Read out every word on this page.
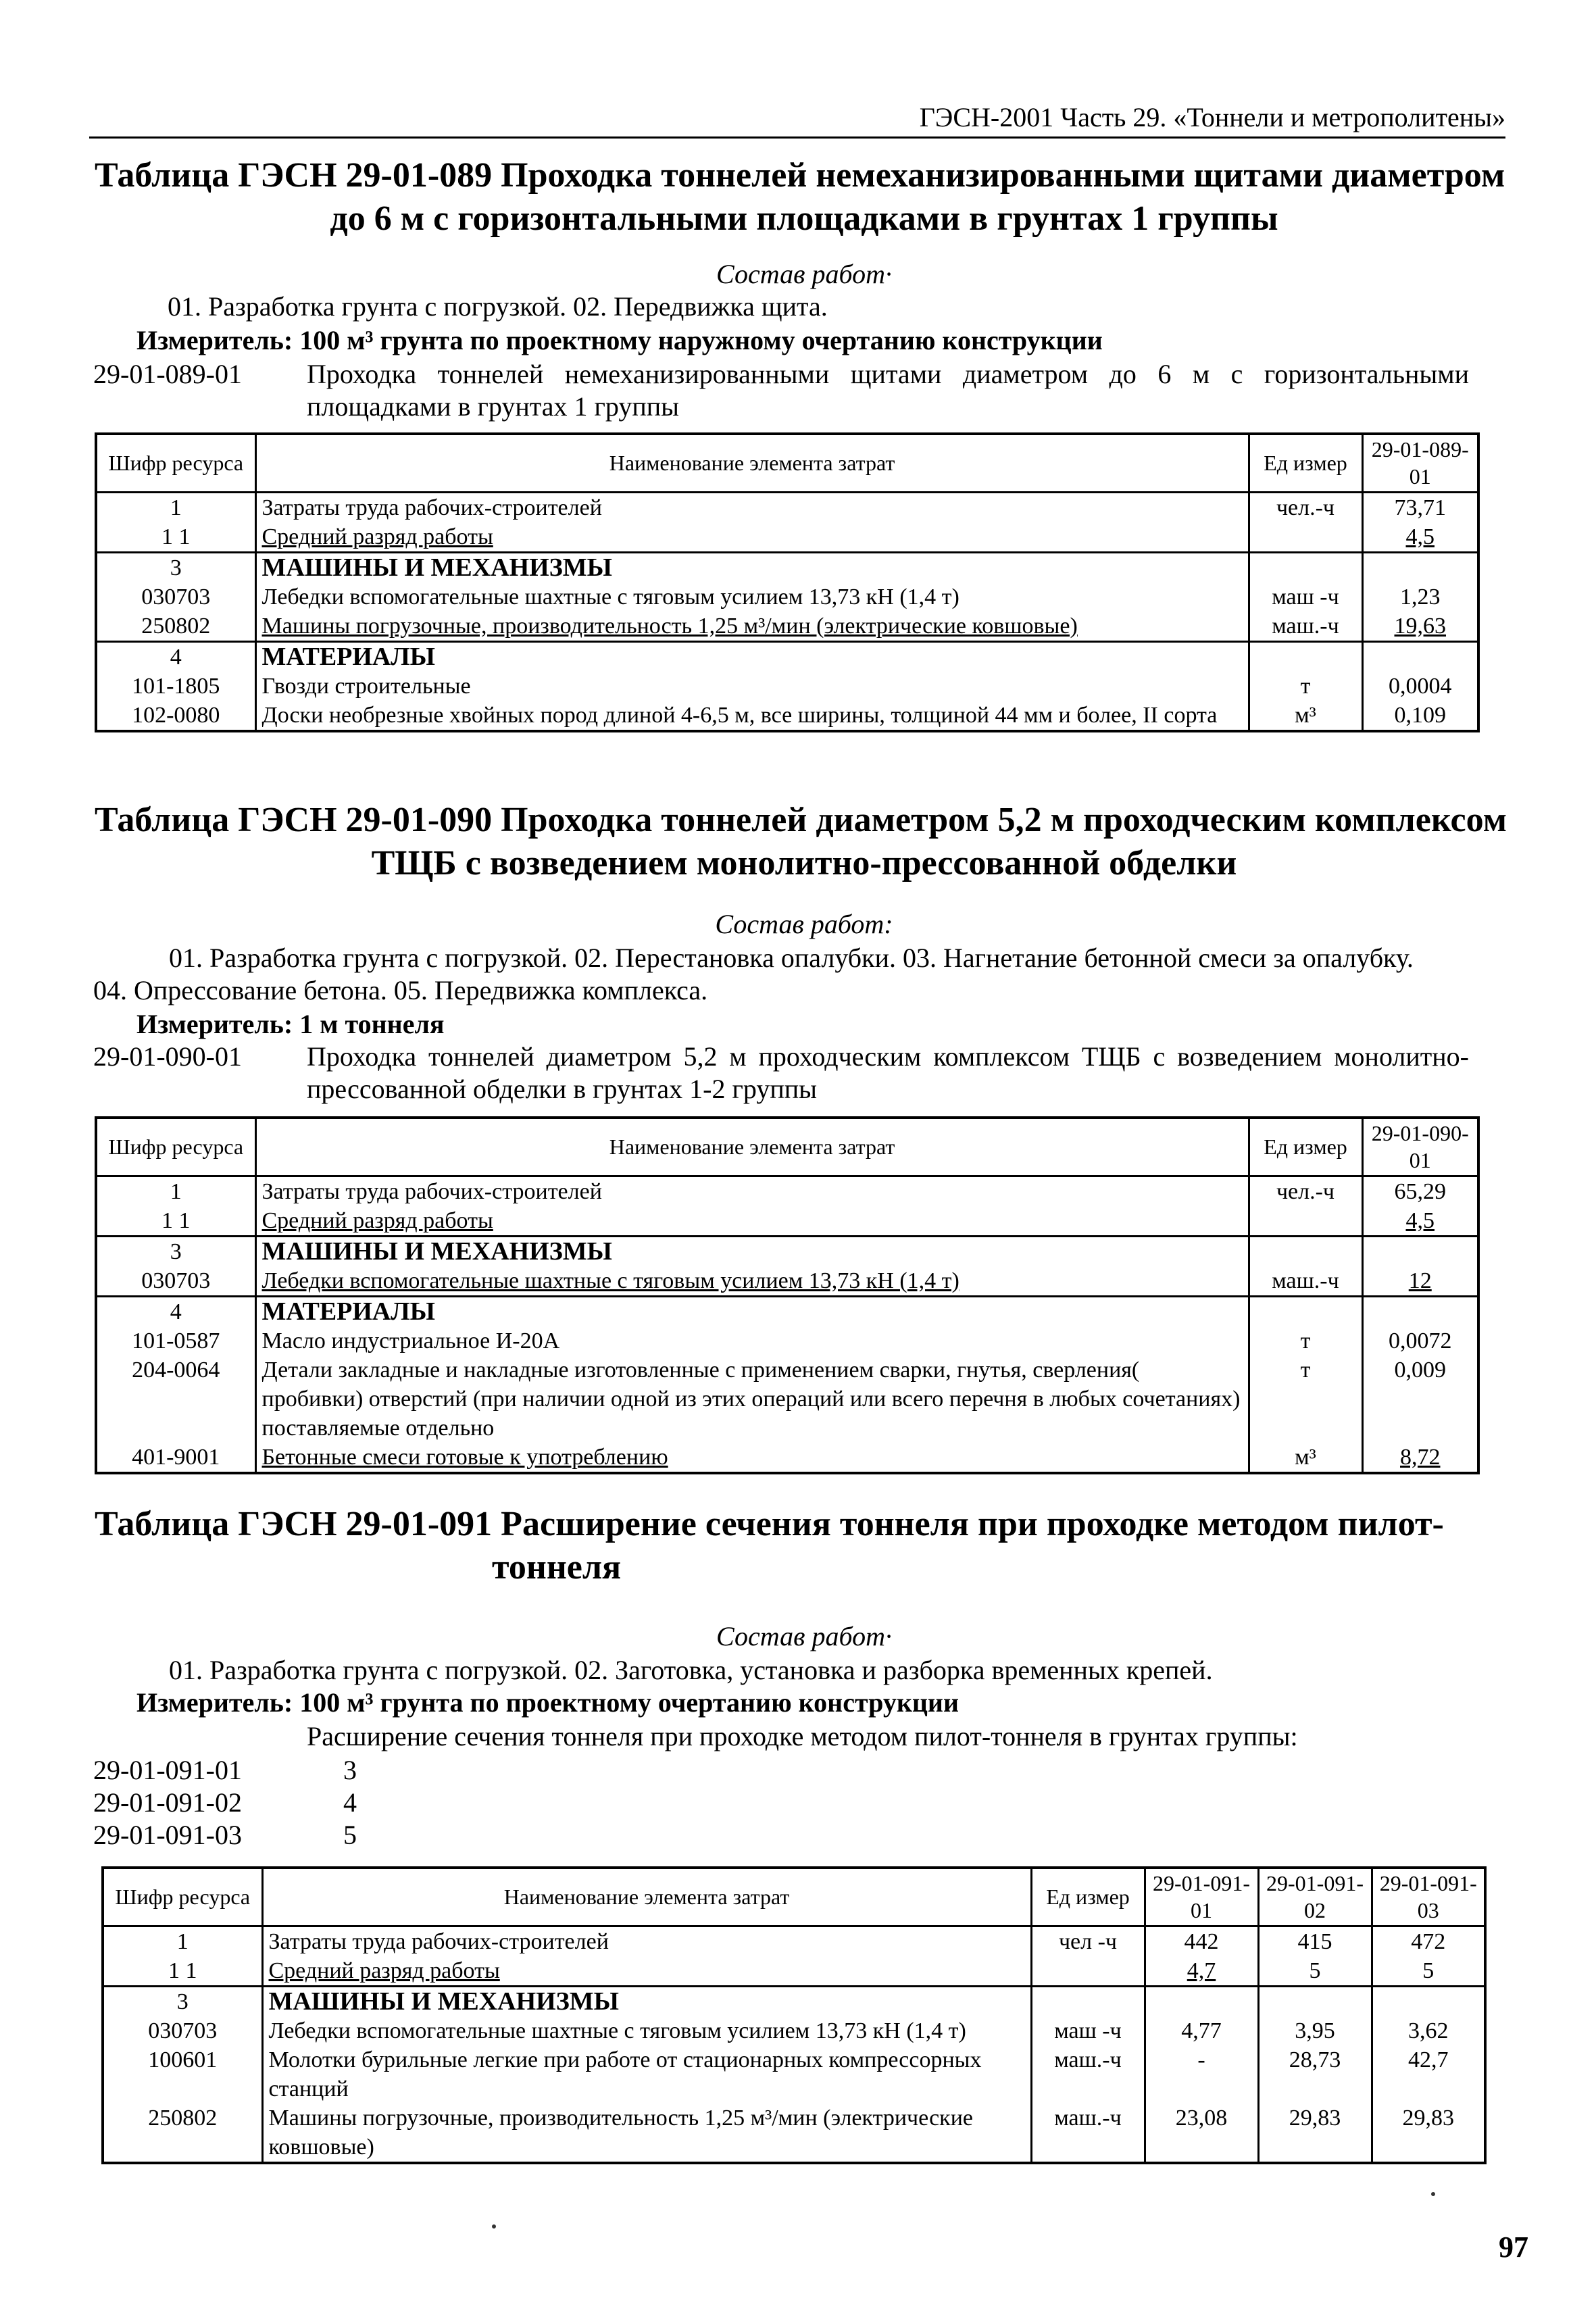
ГЭСН-2001 Часть 29. «Тоннели и метрополитены»
Таблица ГЭСН 29-01-089 Проходка тоннелей немеханизированными щитами диаметром
до 6 м с горизонтальными площадками в грунтах 1 группы
Состав работ·
01. Разработка грунта с погрузкой. 02. Передвижка щита.
Измеритель: 100 м³ грунта по проектному наружному очертанию конструкции
29-01-089-01 Проходка тоннелей немеханизированными щитами диаметром до 6 м с горизонтальными площадками в грунтах 1 группы
Шифр ресурса	Наименование элемента затрат	Ед измер	29-01-089-01
1	Затраты труда рабочих-строителей	чел.-ч	73,71
1 1	Средний разряд работы		4,5
3	МАШИНЫ И МЕХАНИЗМЫ		
030703	Лебедки вспомогательные шахтные с тяговым усилием 13,73 кН (1,4 т)	маш -ч	1,23
250802	Машины погрузочные, производительность 1,25 м³/мин (электрические ковшовые)	маш.-ч	19,63
4	МАТЕРИАЛЫ		
101-1805	Гвозди строительные	т	0,0004
102-0080	Доски необрезные хвойных пород длиной 4-6,5 м, все ширины, толщиной 44 мм и более, II сорта	м³	0,109
Таблица ГЭСН 29-01-090 Проходка тоннелей диаметром 5,2 м проходческим комплексом
ТЩБ с возведением монолитно-прессованной обделки
Состав работ:
01. Разработка грунта с погрузкой. 02. Перестановка опалубки. 03. Нагнетание бетонной смеси за опалубку.
04. Опрессование бетона. 05. Передвижка комплекса.
Измеритель: 1 м тоннеля
29-01-090-01 Проходка тоннелей диаметром 5,2 м проходческим комплексом ТЩБ с возведением монолитно-прессованной обделки в грунтах 1-2 группы
Шифр ресурса	Наименование элемента затрат	Ед измер	29-01-090-01
1	Затраты труда рабочих-строителей	чел.-ч	65,29
1 1	Средний разряд работы		4,5
3	МАШИНЫ И МЕХАНИЗМЫ		
030703	Лебедки вспомогательные шахтные с тяговым усилием 13,73 кН (1,4 т)	маш.-ч	12
4	МАТЕРИАЛЫ		
101-0587	Масло индустриальное И-20А	т	0,0072
204-0064	Детали закладные и накладные изготовленные с применением сварки, гнутья, сверления( пробивки) отверстий (при наличии одной из этих операций или всего перечня в любых сочетаниях) поставляемые отдельно	т	0,009
401-9001	Бетонные смеси готовые к употреблению	м³	8,72
Таблица ГЭСН 29-01-091 Расширение сечения тоннеля при проходке методом пилот-
тоннеля
Состав работ·
01. Разработка грунта с погрузкой. 02. Заготовка, установка и разборка временных крепей.
Измеритель: 100 м³ грунта по проектному очертанию конструкции
Расширение сечения тоннеля при проходке методом пилот-тоннеля в грунтах группы:
29-01-091-01	3
29-01-091-02	4
29-01-091-03	5
Шифр ресурса	Наименование элемента затрат	Ед измер	29-01-091-01	29-01-091-02	29-01-091-03
1	Затраты труда рабочих-строителей	чел -ч	442	415	472
1 1	Средний разряд работы		4,7	5	5
3	МАШИНЫ И МЕХАНИЗМЫ				
030703	Лебедки вспомогательные шахтные с тяговым усилием 13,73 кН (1,4 т)	маш -ч	4,77	3,95	3,62
100601	Молотки бурильные легкие при работе от стационарных компрессорных станций	маш.-ч	-	28,73	42,7
250802	Машины погрузочные, производительность 1,25 м³/мин (электрические ковшовые)	маш.-ч	23,08	29,83	29,83
97
